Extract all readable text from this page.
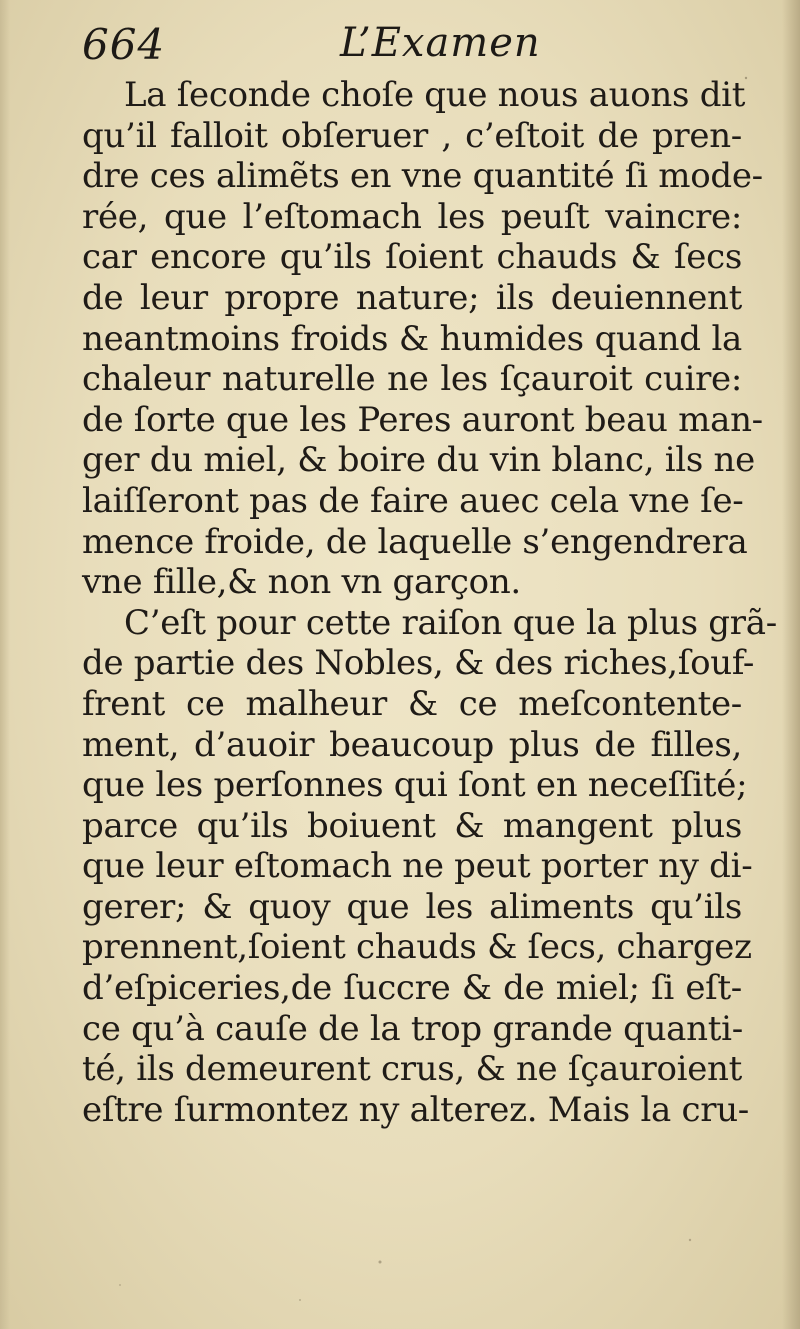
664	L’Examen
La ſeconde choſe que nous auons dit
qu’il falloit obſeruer , c’eſtoit de pren-
dre ces alimẽts en vne quantité ſi mode-
rée, que l’eſtomach les peuſt vaincre:
car encore qu’ils ſoient chauds & ſecs
de leur propre nature; ils deuiennent
neantmoins froids & humides quand la
chaleur naturelle ne les ſçauroit cuire:
de ſorte que les Peres auront beau man-
ger du miel, & boire du vin blanc, ils ne
laiſſeront pas de faire auec cela vne ſe-
mence froide, de laquelle s’engendrera
vne fille,& non vn garçon.
C’eſt pour cette raiſon que la plus grã-
de partie des Nobles, & des riches,ſouf-
frent ce malheur & ce meſcontente-
ment, d’auoir beaucoup plus de filles,
que les perſonnes qui ſont en neceſſité;
parce qu’ils boiuent & mangent plus
que leur eſtomach ne peut porter ny di-
gerer; & quoy que les aliments qu’ils
prennent,ſoient chauds & ſecs, chargez
d’eſpiceries,de ſuccre & de miel; ſi eſt-
ce qu’à cauſe de la trop grande quanti-
té, ils demeurent crus, & ne ſçauroient
eſtre ſurmontez ny alterez. Mais la cru-
